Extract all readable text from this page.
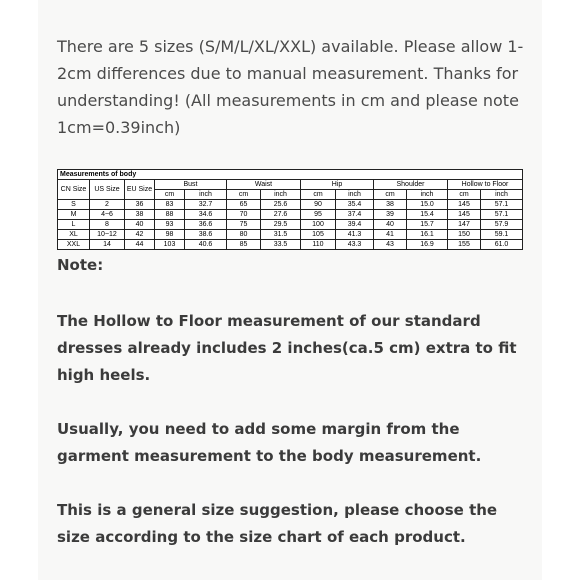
There are 5 sizes (S/M/L/XL/XXL) available. Please allow 1-2cm differences due to manual measurement. Thanks for understanding! (All measurements in cm and please note 1cm=0.39inch)

Measurements of body												
CN Size	US Size	EU Size	Bust		Waist		Hip		Shoulder		Hollow to Floor	
			cm	inch	cm	inch	cm	inch	cm	inch	cm	inch
S	2	36	83	32.7	65	25.6	90	35.4	38	15.0	145	57.1
M	4~6	38	88	34.6	70	27.6	95	37.4	39	15.4	145	57.1
L	8	40	93	36.6	75	29.5	100	39.4	40	15.7	147	57.9
XL	10~12	42	98	38.6	80	31.5	105	41.3	41	16.1	150	59.1
XXL	14	44	103	40.6	85	33.5	110	43.3	43	16.9	155	61.0

Note:

The Hollow to Floor measurement of our standard dresses already includes 2 inches(ca.5 cm) extra to fit high heels.

Usually, you need to add some margin from the garment measurement to the body measurement.

This is a general size suggestion, please choose the size according to the size chart of each product.
